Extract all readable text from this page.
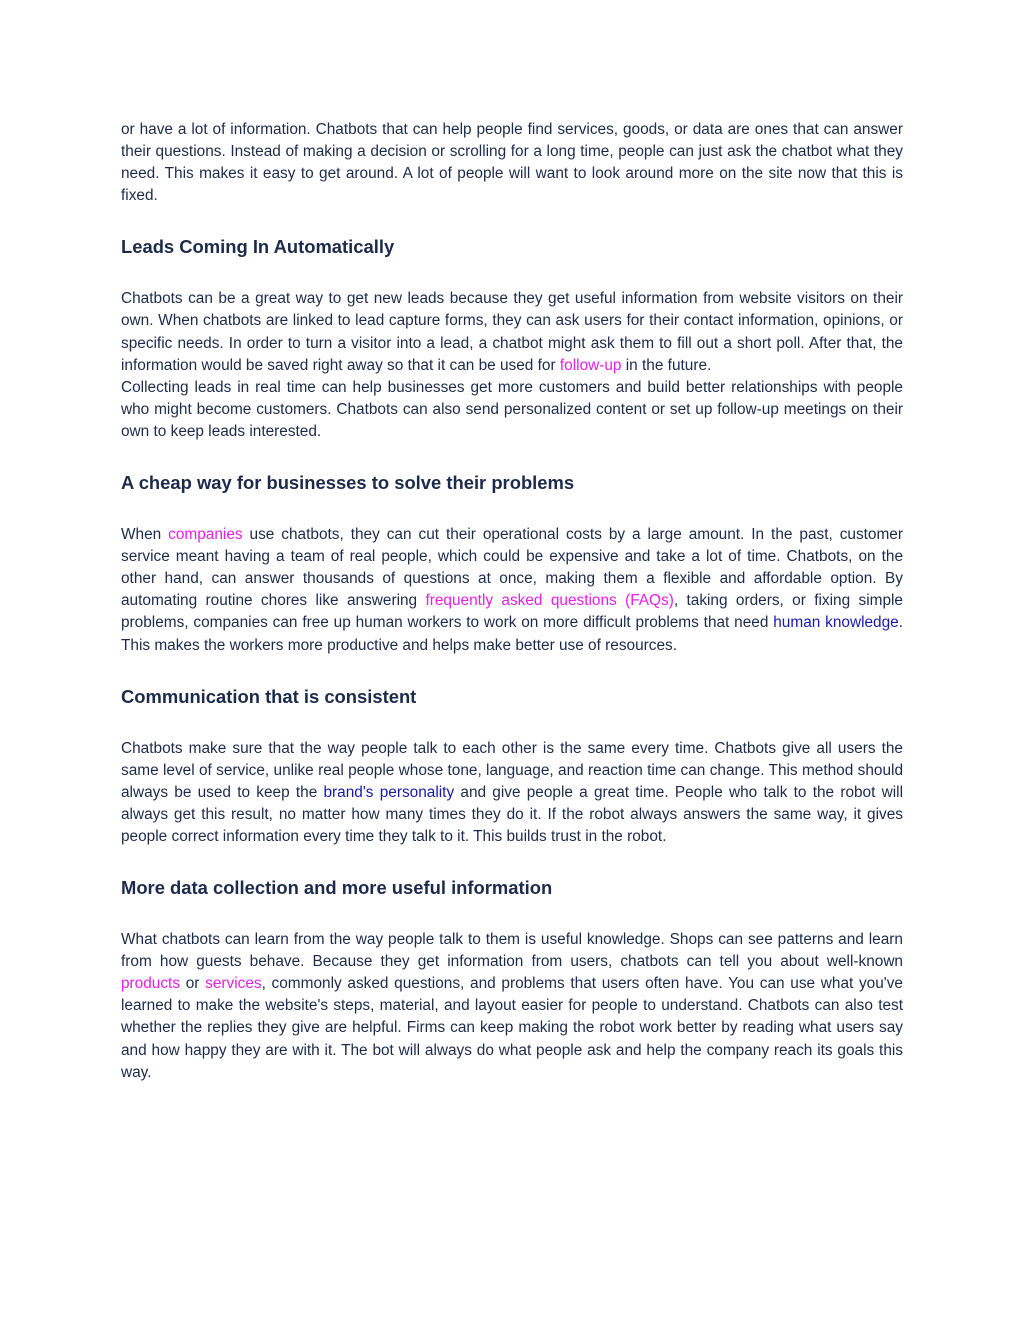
or have a lot of information. Chatbots that can help people find services, goods, or data are ones that can answer their questions. Instead of making a decision or scrolling for a long time, people can just ask the chatbot what they need. This makes it easy to get around. A lot of people will want to look around more on the site now that this is fixed.

Leads Coming In Automatically

Chatbots can be a great way to get new leads because they get useful information from website visitors on their own. When chatbots are linked to lead capture forms, they can ask users for their contact information, opinions, or specific needs. In order to turn a visitor into a lead, a chatbot might ask them to fill out a short poll. After that, the information would be saved right away so that it can be used for follow-up in the future.

Collecting leads in real time can help businesses get more customers and build better relationships with people who might become customers. Chatbots can also send personalized content or set up follow-up meetings on their own to keep leads interested.

A cheap way for businesses to solve their problems

When companies use chatbots, they can cut their operational costs by a large amount. In the past, customer service meant having a team of real people, which could be expensive and take a lot of time. Chatbots, on the other hand, can answer thousands of questions at once, making them a flexible and affordable option. By automating routine chores like answering frequently asked questions (FAQs), taking orders, or fixing simple problems, companies can free up human workers to work on more difficult problems that need human knowledge. This makes the workers more productive and helps make better use of resources.

Communication that is consistent

Chatbots make sure that the way people talk to each other is the same every time. Chatbots give all users the same level of service, unlike real people whose tone, language, and reaction time can change. This method should always be used to keep the brand's personality and give people a great time. People who talk to the robot will always get this result, no matter how many times they do it. If the robot always answers the same way, it gives people correct information every time they talk to it. This builds trust in the robot.

More data collection and more useful information

What chatbots can learn from the way people talk to them is useful knowledge. Shops can see patterns and learn from how guests behave. Because they get information from users, chatbots can tell you about well-known products or services, commonly asked questions, and problems that users often have. You can use what you've learned to make the website's steps, material, and layout easier for people to understand. Chatbots can also test whether the replies they give are helpful. Firms can keep making the robot work better by reading what users say and how happy they are with it. The bot will always do what people ask and help the company reach its goals this way.
